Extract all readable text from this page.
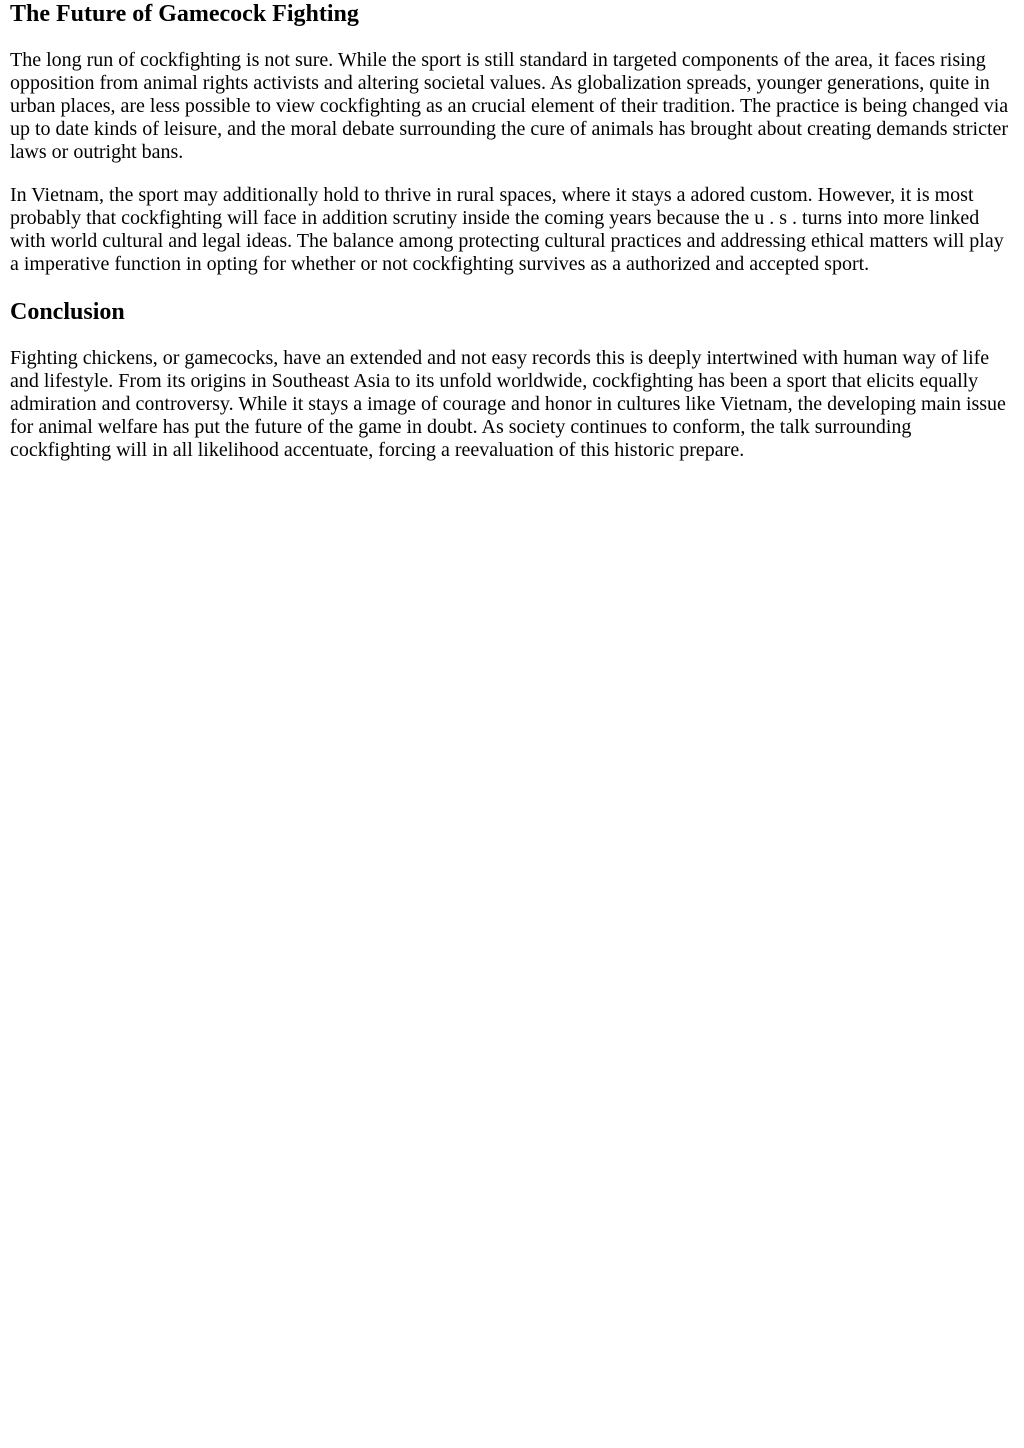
The Future of Gamecock Fighting

The long run of cockfighting is not sure. While the sport is still standard in targeted components of the area, it faces rising opposition from animal rights activists and altering societal values. As globalization spreads, younger generations, quite in urban places, are less possible to view cockfighting as an crucial element of their tradition. The practice is being changed via up to date kinds of leisure, and the moral debate surrounding the cure of animals has brought about creating demands stricter laws or outright bans.

In Vietnam, the sport may additionally hold to thrive in rural spaces, where it stays a adored custom. However, it is most probably that cockfighting will face in addition scrutiny inside the coming years because the u . s . turns into more linked with world cultural and legal ideas. The balance among protecting cultural practices and addressing ethical matters will play a imperative function in opting for whether or not cockfighting survives as a authorized and accepted sport.

Conclusion

Fighting chickens, or gamecocks, have an extended and not easy records this is deeply intertwined with human way of life and lifestyle. From its origins in Southeast Asia to its unfold worldwide, cockfighting has been a sport that elicits equally admiration and controversy. While it stays a image of courage and honor in cultures like Vietnam, the developing main issue for animal welfare has put the future of the game in doubt. As society continues to conform, the talk surrounding cockfighting will in all likelihood accentuate, forcing a reevaluation of this historic prepare.
